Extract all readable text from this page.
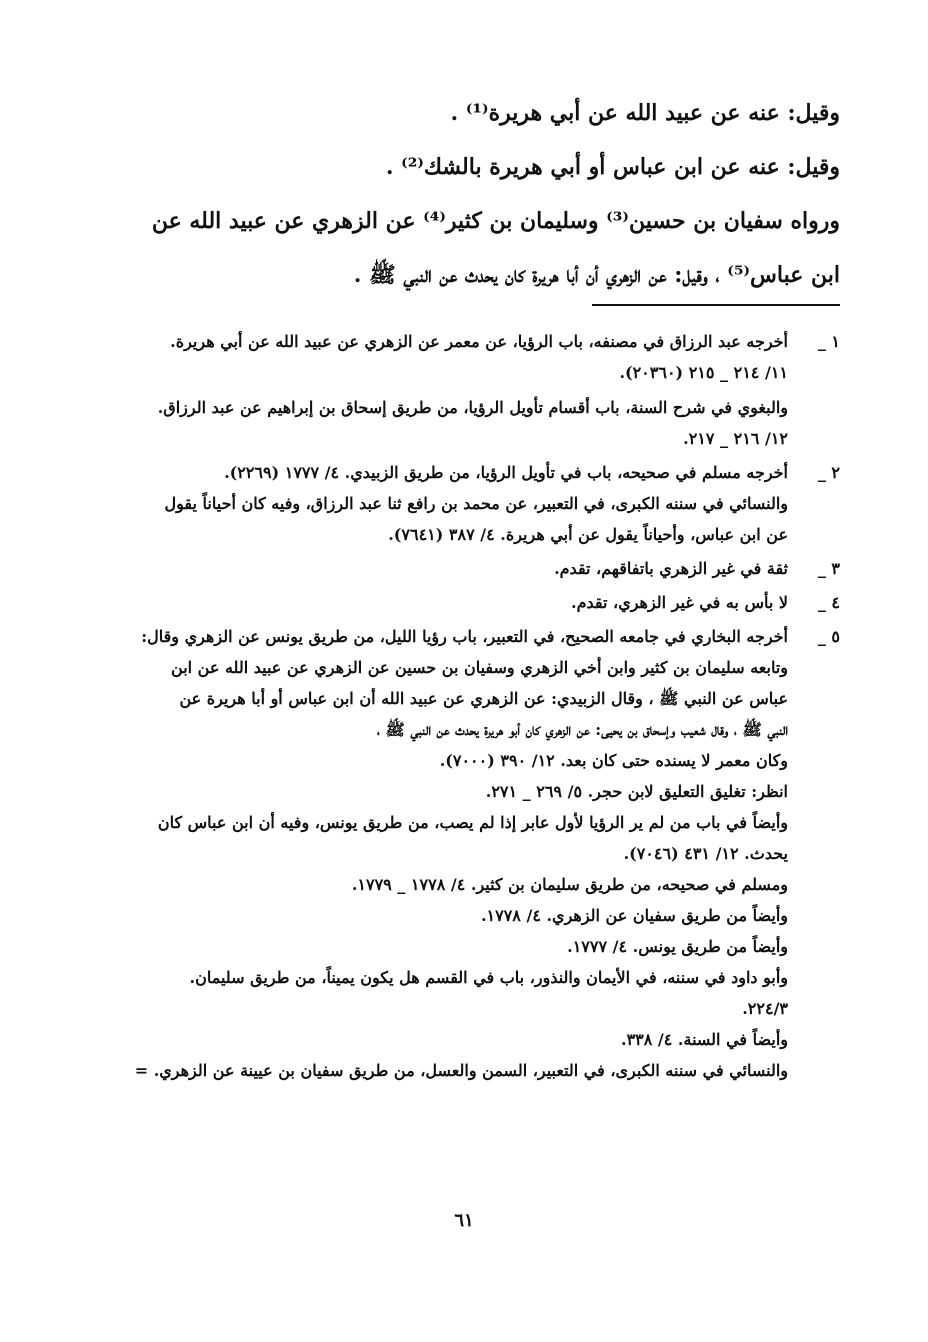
وقيل: عنه عن عبيد الله عن أبي هريرة⁽¹⁾ .

وقيل: عنه عن ابن عباس أو أبي هريرة بالشك⁽²⁾ .

ورواه سفيان بن حسين⁽³⁾ وسليمان بن كثير⁽⁴⁾ عن الزهري عن عبيد الله عن

ابن عباس⁽⁵⁾ ، وقيل: عن الزهري أن أبا هريرة كان يحدث عن النبي ﷺ .

١ _

أخرجه عبد الرزاق في مصنفه، باب الرؤيا، عن معمر عن الزهري عن عبيد الله عن أبي هريرة.

١١/ ٢١٤ _ ٢١٥ (٢٠٣٦٠).

والبغوي في شرح السنة، باب أقسام تأويل الرؤيا، من طريق إسحاق بن إبراهيم عن عبد الرزاق.

١٢/ ٢١٦ _ ٢١٧.

٢ _

أخرجه مسلم في صحيحه، باب في تأويل الرؤيا، من طريق الزبيدي. ٤/ ١٧٧٧ (٢٢٦٩).

والنسائي في سننه الكبرى، في التعبير، عن محمد بن رافع ثنا عبد الرزاق، وفيه كان أحياناً يقول

عن ابن عباس، وأحياناً يقول عن أبي هريرة. ٤/ ٣٨٧ (٧٦٤١).

٣ _

ثقة في غير الزهري باتفاقهم، تقدم.

٤ _

لا بأس به في غير الزهري، تقدم.

٥ _

أخرجه البخاري في جامعه الصحيح، في التعبير، باب رؤيا الليل، من طريق يونس عن الزهري وقال:

وتابعه سليمان بن كثير وابن أخي الزهري وسفيان بن حسين عن الزهري عن عبيد الله عن ابن

عباس عن النبي ﷺ ، وقال الزبيدي: عن الزهري عن عبيد الله أن ابن عباس أو أبا هريرة عن

النبي ﷺ ، وقال شعيب وإسحاق بن يحيى: عن الزهري كان أبو هريرة يحدث عن النبي ﷺ ،

وكان معمر لا يسنده حتى كان بعد. ١٢/ ٣٩٠ (٧٠٠٠).

انظر: تغليق التعليق لابن حجر. ٥/ ٢٦٩ _ ٢٧١.

وأيضاً في باب من لم ير الرؤيا لأول عابر إذا لم يصب، من طريق يونس، وفيه أن ابن عباس كان

يحدث. ١٢/ ٤٣١ (٧٠٤٦).

ومسلم في صحيحه، من طريق سليمان بن كثير. ٤/ ١٧٧٨ _ ١٧٧٩.

وأيضاً من طريق سفيان عن الزهري. ٤/ ١٧٧٨.

وأيضاً من طريق يونس. ٤/ ١٧٧٧.

وأبو داود في سننه، في الأيمان والنذور، باب في القسم هل يكون يميناً، من طريق سليمان.

٢٢٤/٣.

وأيضاً في السنة. ٤/ ٣٣٨.

والنسائي في سننه الكبرى، في التعبير، السمن والعسل، من طريق سفيان بن عيينة عن الزهري. =

٦١
